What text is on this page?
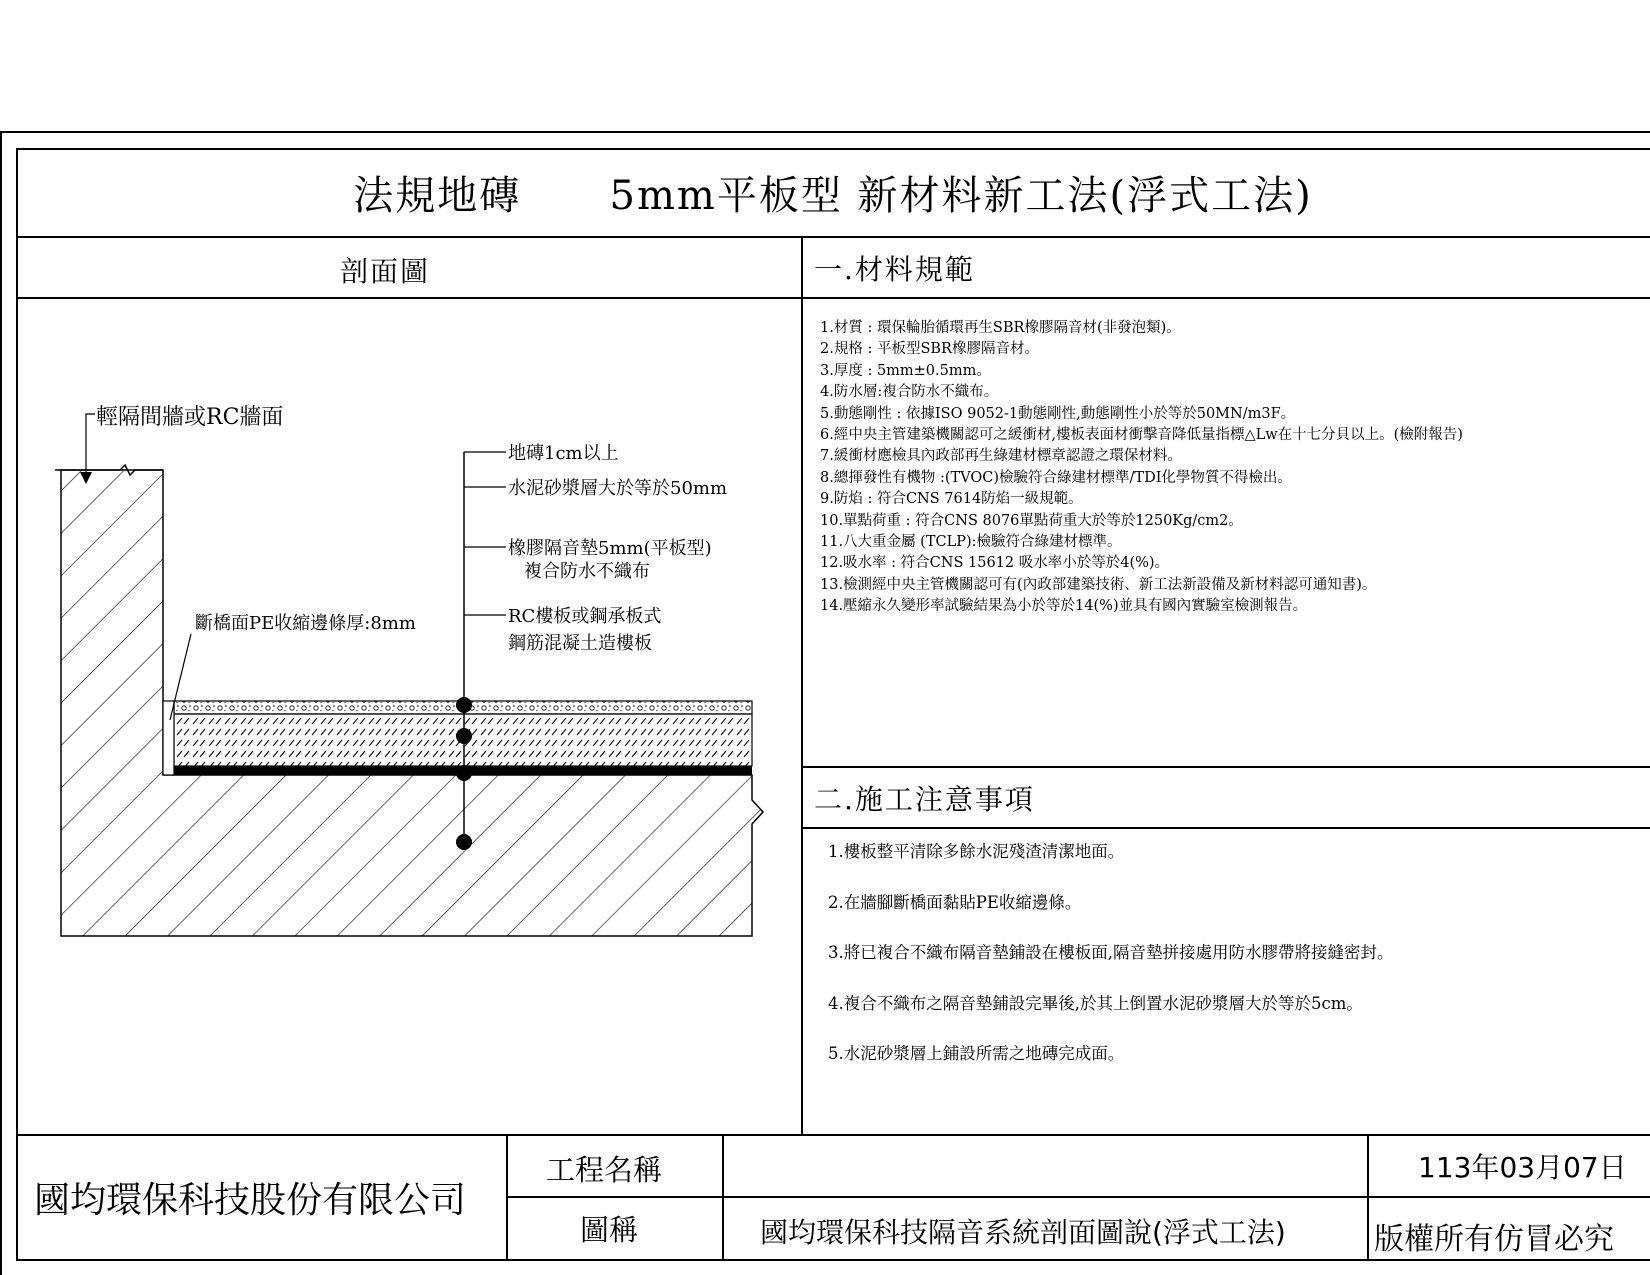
法規地磚      5mm平板型 新材料新工法(浮式工法)
剖面圖	一.材料規範
二.施工注意事項
1.材質 : 環保輪胎循環再生SBR橡膠隔音材(非發泡類)。
2.規格 : 平板型SBR橡膠隔音材。
3.厚度 : 5mm±0.5mm。
4.防水層:複合防水不織布。
5.動態剛性 : 依據ISO 9052-1動態剛性,動態剛性小於等於50MN/m3F。
6.經中央主管建築機關認可之緩衝材,樓板表面材衝擊音降低量指標△Lw在十七分貝以上。(檢附報告)
7.緩衝材應檢具內政部再生綠建材標章認證之環保材料。
8.總揮發性有機物 :(TVOC)檢驗符合綠建材標準/TDI化學物質不得檢出。
9.防焰 : 符合CNS 7614防焰一級規範。
10.單點荷重 : 符合CNS 8076單點荷重大於等於1250Kg/cm2。
11.八大重金屬 (TCLP):檢驗符合綠建材標準。
12.吸水率 : 符合CNS 15612 吸水率小於等於4(%)。
13.檢測經中央主管機關認可有(內政部建築技術、新工法新設備及新材料認可通知書)。
14.壓縮永久變形率試驗結果為小於等於14(%)並具有國內實驗室檢測報告。
1.樓板整平清除多餘水泥殘渣清潔地面。
2.在牆腳斷橋面黏貼PE收縮邊條。
3.將已複合不織布隔音墊鋪設在樓板面,隔音墊拼接處用防水膠帶將接縫密封。
4.複合不織布之隔音墊鋪設完畢後,於其上倒置水泥砂漿層大於等於5cm。
5.水泥砂漿層上鋪設所需之地磚完成面。
輕隔間牆或RC牆面
斷橋面PE收縮邊條厚:8mm
地磚1cm以上
水泥砂漿層大於等於50mm
橡膠隔音墊5mm(平板型)
複合防水不織布
RC樓板或鋼承板式
鋼筋混凝土造樓板
國均環保科技股份有限公司
工程名稱
圖稱	國均環保科技隔音系統剖面圖說(浮式工法)
113年03月07日
版權所有仿冒必究
